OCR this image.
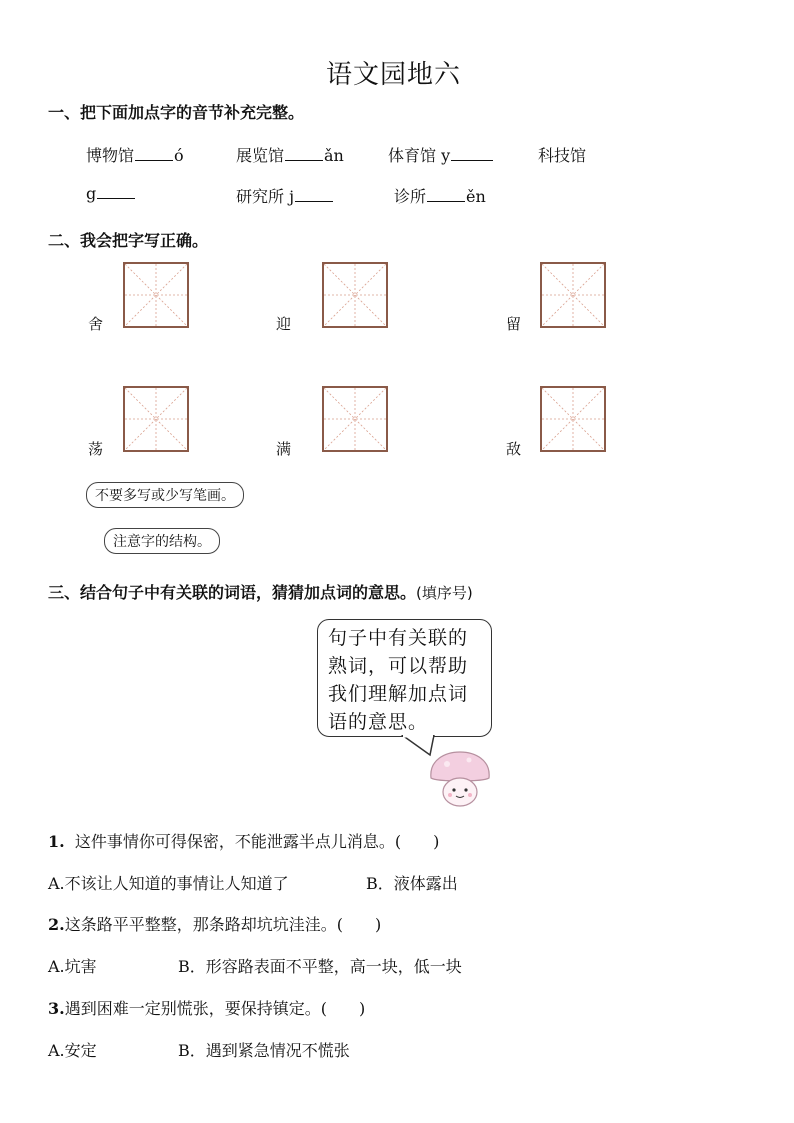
语文园地六
一、把下面加点字的音节补充完整。
博物馆	ó	展览馆	ǎn	体育馆 y	科技馆
g	研究所 j	诊所	ěn
二、我会把字写正确。
舍	迎	留
荡	满	敌
不要多写或少写笔画。
注意字的结构。
三、结合句子中有关联的词语，猜猜加点词的意思。(填序号)
句子中有关联的熟词，可以帮助我们理解加点词语的意思。
1. 这件事情你可得保密，不能泄露半点儿消息。(　　)
A.不该让人知道的事情让人知道了	B．液体露出
2.这条路平平整整，那条路却坑坑洼洼。(　　)
A.坑害	B．形容路表面不平整，高一块，低一块
3.遇到困难一定别慌张，要保持镇定。(　　)
A.安定	B．遇到紧急情况不慌张
